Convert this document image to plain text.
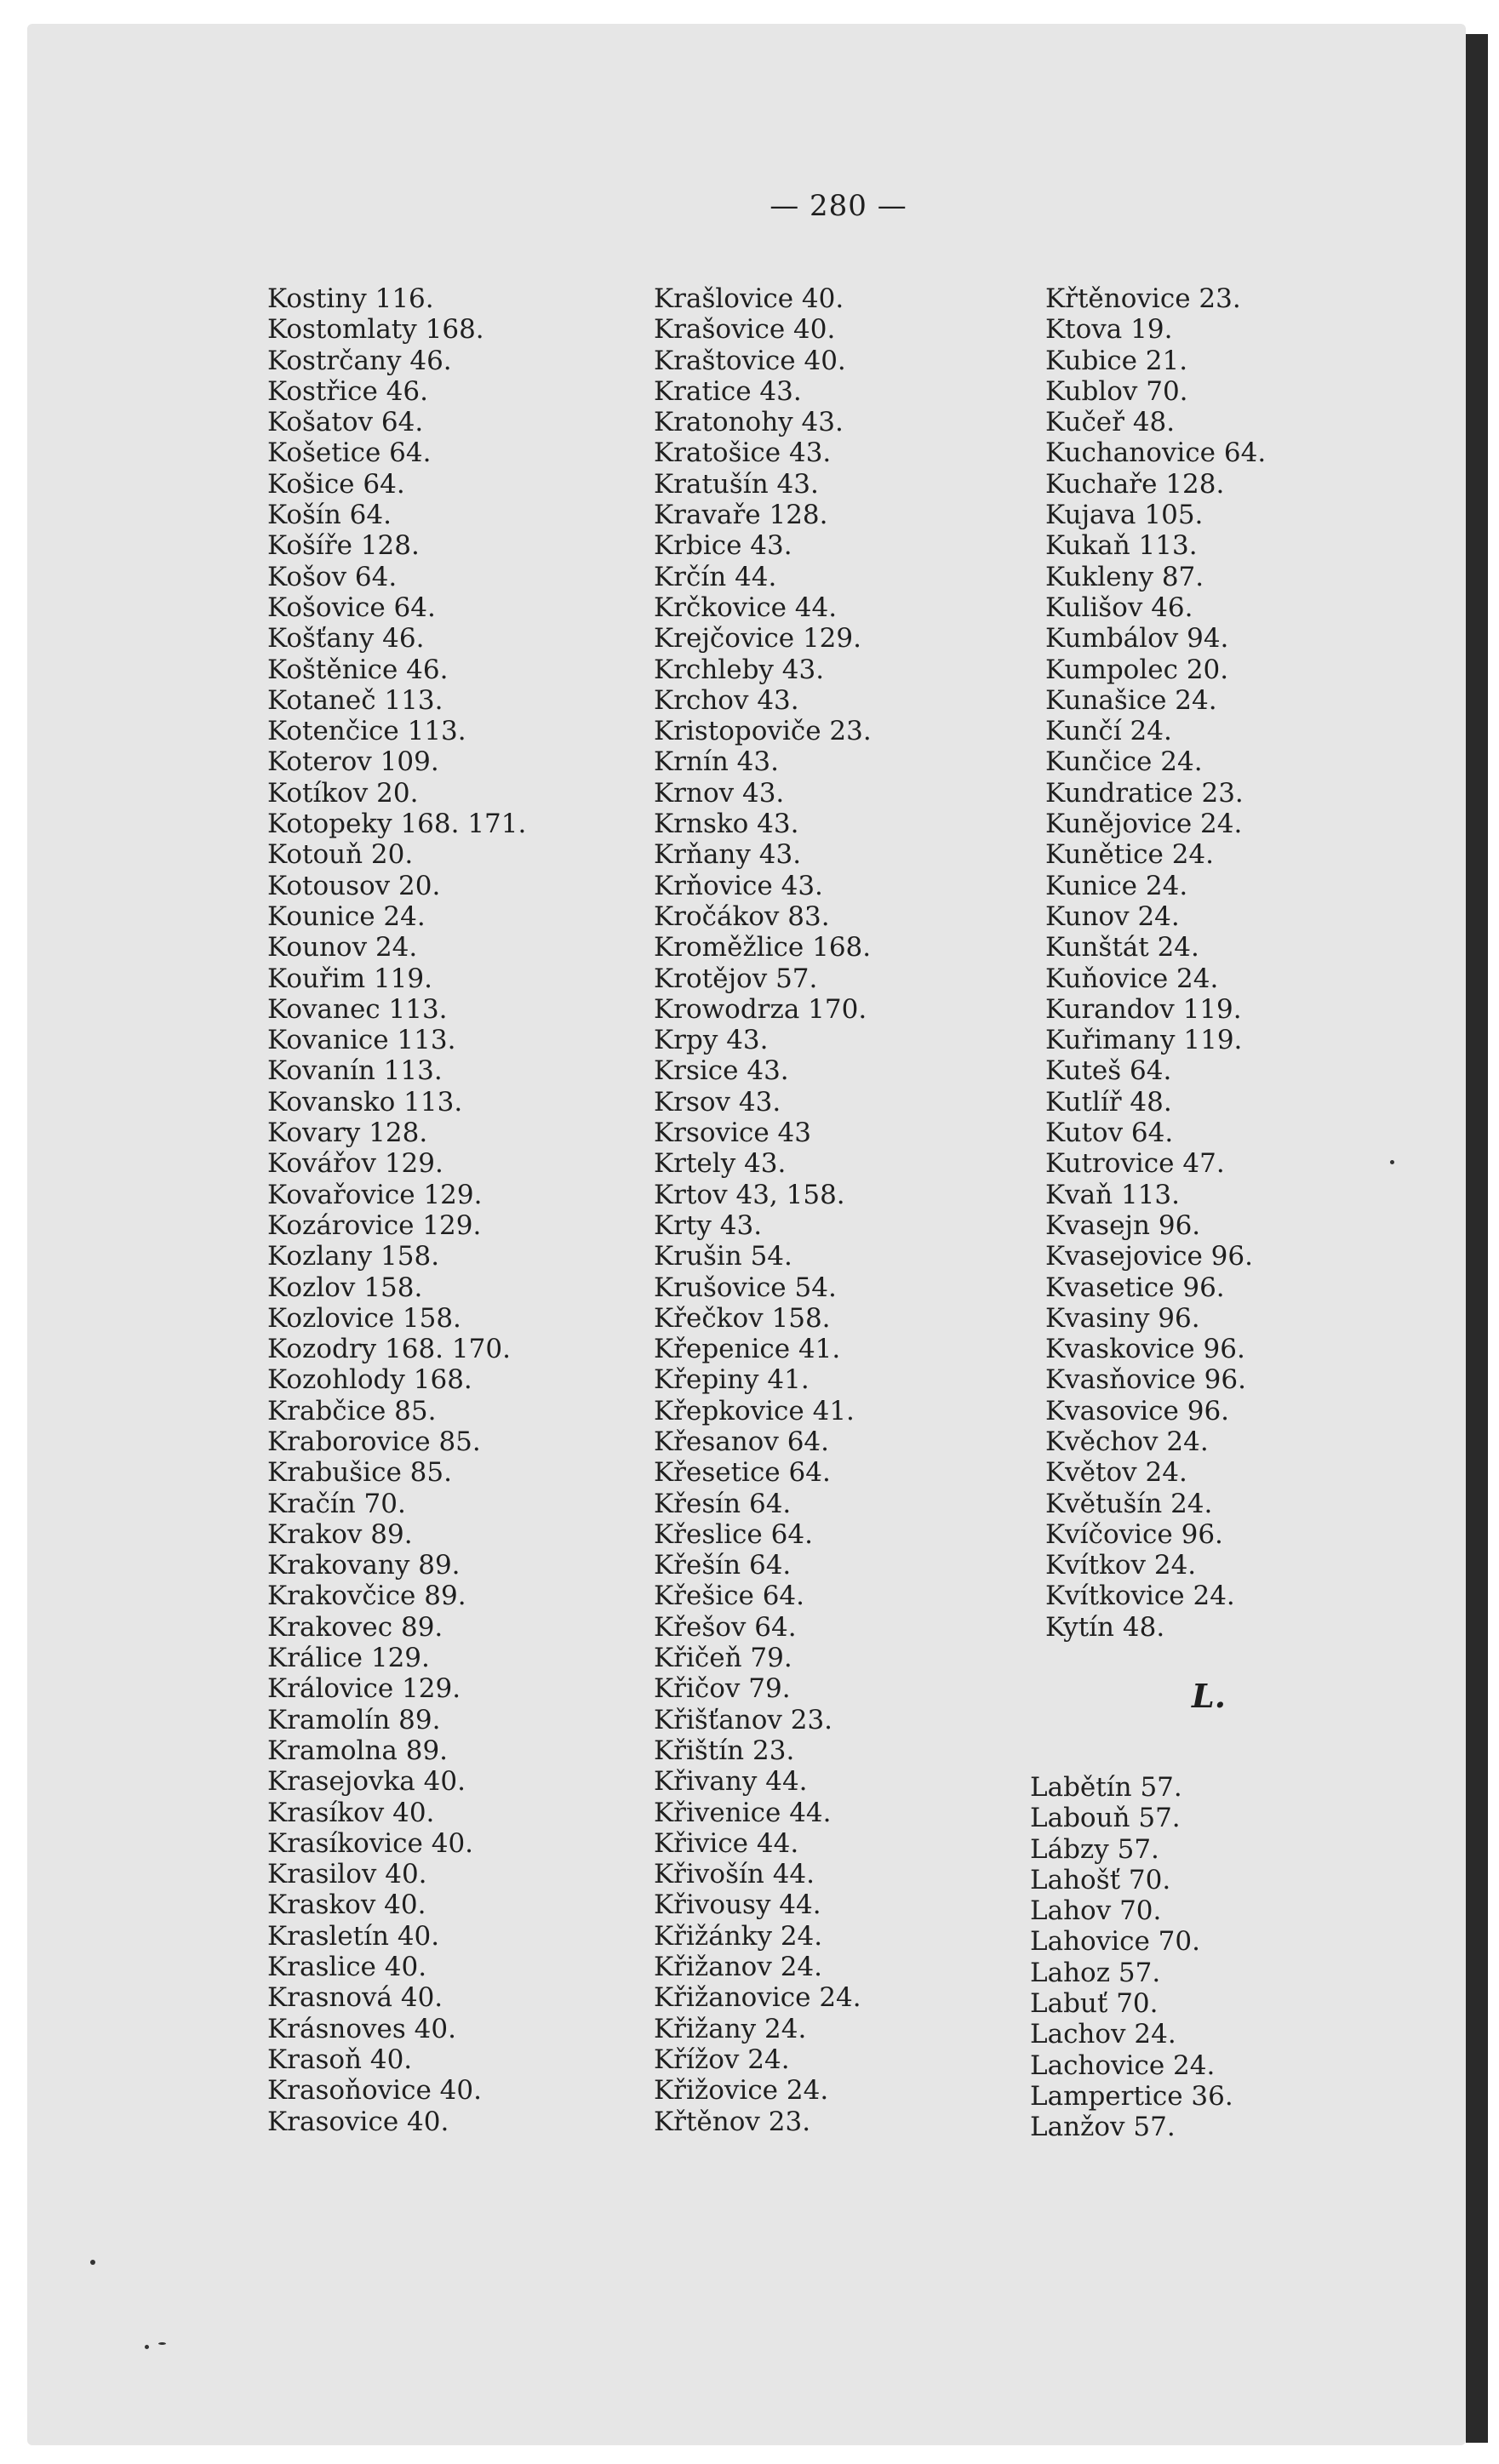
— 280 —
Kostiny 116.
Kostomlaty 168.
Kostrčany 46.
Kostřice 46.
Košatov 64.
Košetice 64.
Košice 64.
Košín 64.
Košíře 128.
Košov 64.
Košovice 64.
Košťany 46.
Koštěnice 46.
Kotaneč 113.
Kotenčice 113.
Koterov 109.
Kotíkov 20.
Kotopeky 168. 171.
Kotouň 20.
Kotousov 20.
Kounice 24.
Kounov 24.
Kouřim 119.
Kovanec 113.
Kovanice 113.
Kovanín 113.
Kovansko 113.
Kovary 128.
Kovářov 129.
Kovařovice 129.
Kozárovice 129.
Kozlany 158.
Kozlov 158.
Kozlovice 158.
Kozodry 168. 170.
Kozohlody 168.
Krabčice 85.
Kraborovice 85.
Krabušice 85.
Kračín 70.
Krakov 89.
Krakovany 89.
Krakovčice 89.
Krakovec 89.
Králice 129.
Královice 129.
Kramolín 89.
Kramolna 89.
Krasejovka 40.
Krasíkov 40.
Krasíkovice 40.
Krasilov 40.
Kraskov 40.
Krasletín 40.
Kraslice 40.
Krasnová 40.
Krásnoves 40.
Krasoň 40.
Krasoňovice 40.
Krasovice 40.
Krašlovice 40.
Krašovice 40.
Kraštovice 40.
Kratice 43.
Kratonohy 43.
Kratošice 43.
Kratušín 43.
Kravaře 128.
Krbice 43.
Krčín 44.
Krčkovice 44.
Krejčovice 129.
Krchleby 43.
Krchov 43.
Kristopoviče 23.
Krnín 43.
Krnov 43.
Krnsko 43.
Krňany 43.
Krňovice 43.
Kročákov 83.
Kroměžlice 168.
Krotějov 57.
Krowodrza 170.
Krpy 43.
Krsice 43.
Krsov 43.
Krsovice 43
Krtely 43.
Krtov 43, 158.
Krty 43.
Krušin 54.
Krušovice 54.
Křečkov 158.
Křepenice 41.
Křepiny 41.
Křepkovice 41.
Křesanov 64.
Křesetice 64.
Křesín 64.
Křeslice 64.
Křešín 64.
Křešice 64.
Křešov 64.
Křičeň 79.
Křičov 79.
Křišťanov 23.
Křištín 23.
Křivany 44.
Křivenice 44.
Křivice 44.
Křivošín 44.
Křivousy 44.
Křižánky 24.
Křižanov 24.
Křižanovice 24.
Křižany 24.
Křížov 24.
Křižovice 24.
Křtěnov 23.
Křtěnovice 23.
Ktova 19.
Kubice 21.
Kublov 70.
Kučeř 48.
Kuchanovice 64.
Kuchaře 128.
Kujava 105.
Kukaň 113.
Kukleny 87.
Kulišov 46.
Kumbálov 94.
Kumpolec 20.
Kunašice 24.
Kunčí 24.
Kunčice 24.
Kundratice 23.
Kunějovice 24.
Kunětice 24.
Kunice 24.
Kunov 24.
Kunštát 24.
Kuňovice 24.
Kurandov 119.
Kuřimany 119.
Kuteš 64.
Kutlíř 48.
Kutov 64.
Kutrovice 47.
Kvaň 113.
Kvasejn 96.
Kvasejovice 96.
Kvasetice 96.
Kvasiny 96.
Kvaskovice 96.
Kvasňovice 96.
Kvasovice 96.
Kvěchov 24.
Květov 24.
Květušín 24.
Kvíčovice 96.
Kvítkov 24.
Kvítkovice 24.
Kytín 48.
L.
Labětín 57.
Labouň 57.
Lábzy 57.
Lahošť 70.
Lahov 70.
Lahovice 70.
Lahoz 57.
Labuť 70.
Lachov 24.
Lachovice 24.
Lampertice 36.
Lanžov 57.
